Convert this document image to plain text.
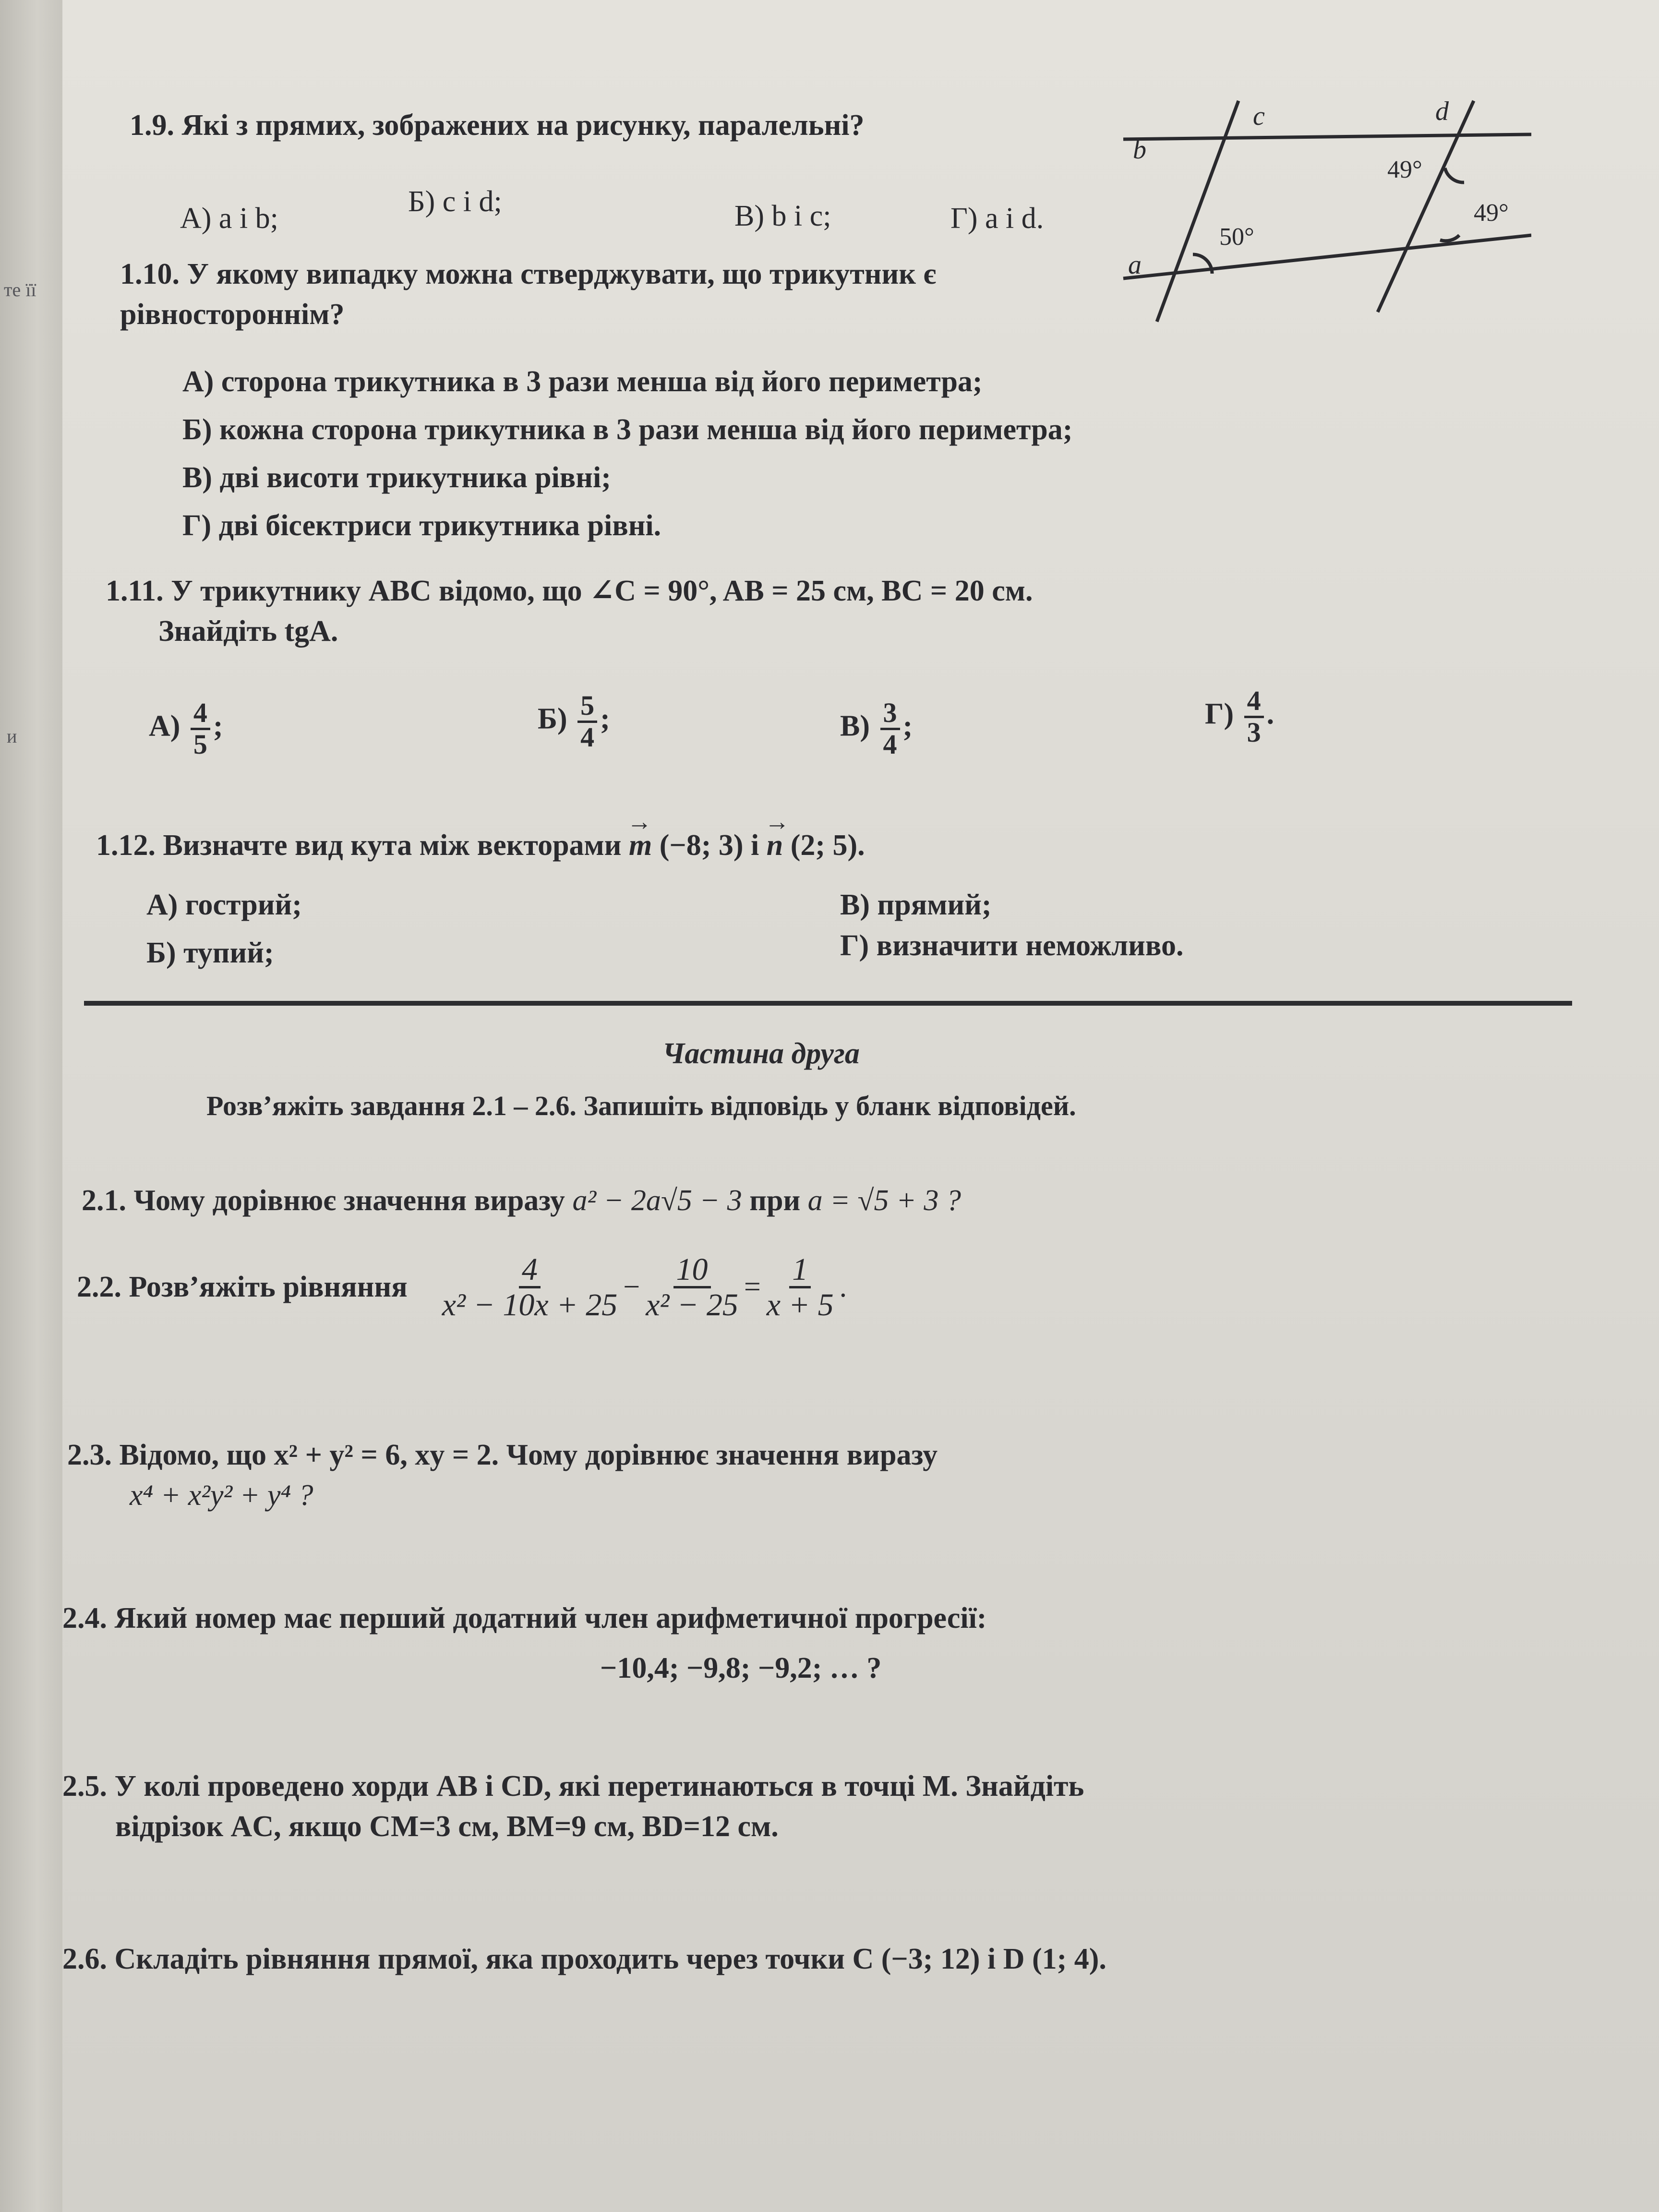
те її
и
1.9. Які з прямих, зображених на рисунку, паралельні?
А) a і b;
Б) c і d;	В) b і c;	Г) a і d.
a
b
c	d
49°
49°
50°
1.10. У якому випадку можна стверджувати, що трикутник є рівностороннім?
А) сторона трикутника в 3 рази менша від його периметра;
Б) кожна сторона трикутника в 3 рази менша від його периметра;
В) дві висоти трикутника рівні;
Г) дві бісектриси трикутника рівні.
1.11. У трикутнику ABC відомо, що ∠C = 90°, AB = 25 см, BC = 20 см.
Знайдіть tgA.
$А) \frac{4}{5}$ ;	$Б) \frac{5}{4}$ ;	$В) \frac{3}{4}$ ;	$Г) \frac{4}{3}$ .
1.12. Визначте вид кута між векторами → m (−8; 3) і → n (2; 5).
А) гострий;
Б) тупий;
В) прямий;
Г) визначити неможливо.
Частина друга
Розв’яжіть завдання 2.1 – 2.6. Запишіть відповідь у бланк відповідей.
2.1. Чому дорівнює значення виразу a² − 2a√5 − 3 при a = √5 + 3 ?
2.2.
Розв’яжіть рівняння $\frac{4}{\text{x² − 10x + 25}} - \frac{10}{\text{x² − 25}} = \frac{1}{x + 5}$ .
2.3. Відомо, що x² + y² = 6, xy = 2. Чому дорівнює значення виразу
x⁴ + x²y² + y⁴ ?
2.4. Який номер має перший додатний член арифметичної прогресії:
−10,4; −9,8; −9,2; … ?
2.5. У колі проведено хорди AB і CD, які перетинаються в точці M. Знайдіть
відрізок AC, якщо CM=3 см, BM=9 см, BD=12 см.
2.6. Складіть рівняння прямої, яка проходить через точки C (−3; 12) і D (1; 4).
